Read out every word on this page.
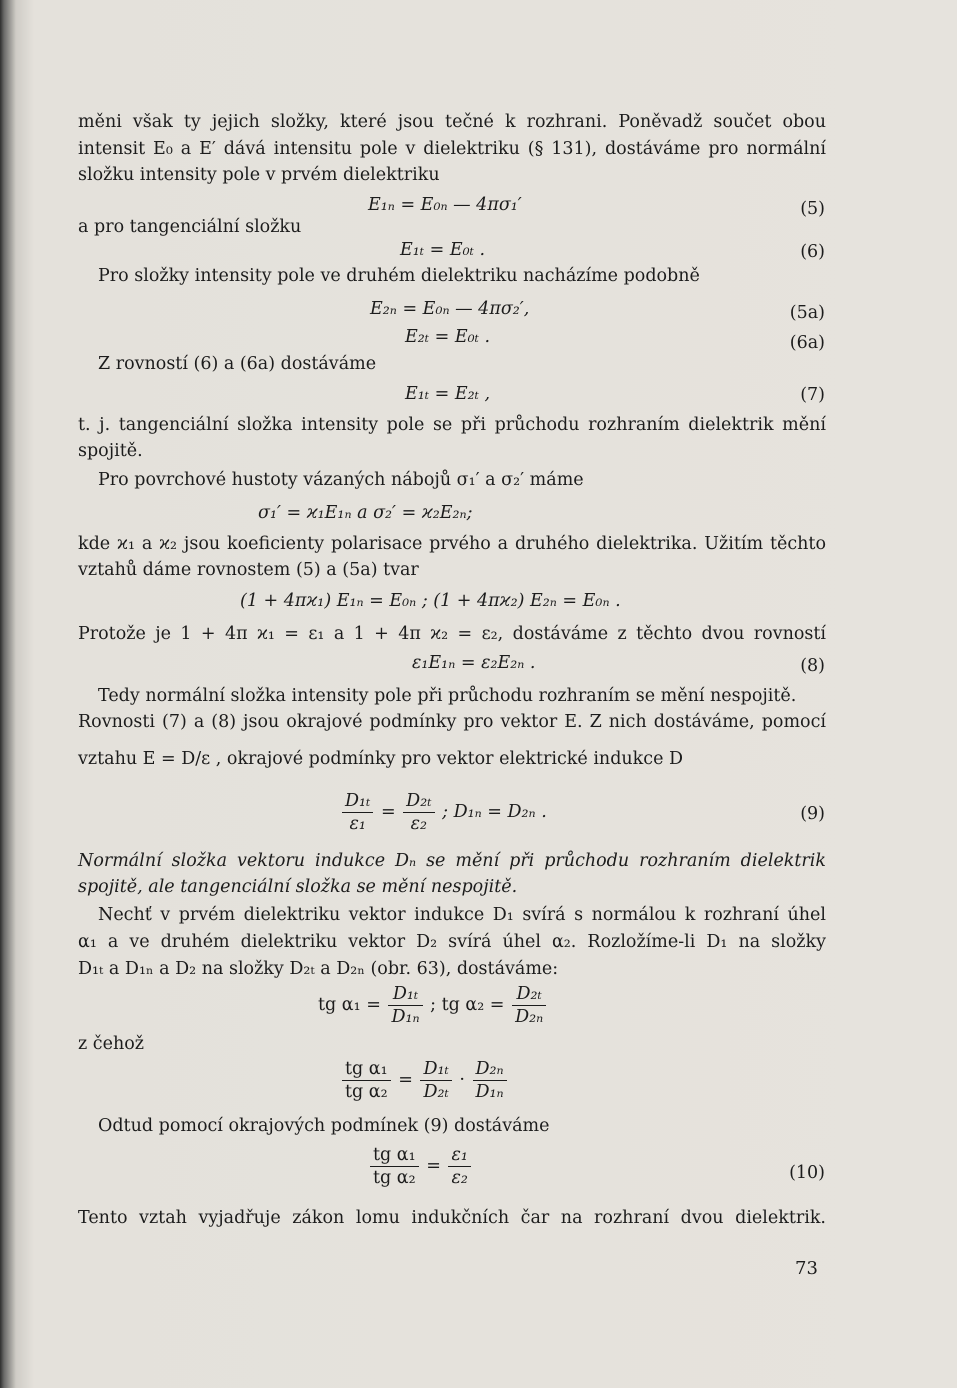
měni však ty jejich složky, které jsou tečné k rozhrani. Poněvadž součet obou
intensit E₀ a E′ dává intensitu pole v dielektriku (§ 131), dostáváme pro normální
složku intensity pole v prvém dielektriku
E₁ₙ = E₀ₙ — 4πσ₁′	(5)
a pro tangenciální složku
E₁ₜ = E₀ₜ .	(6)
Pro složky intensity pole ve druhém dielektriku nacházíme podobně
E₂ₙ = E₀ₙ — 4πσ₂′,	(5a)
E₂ₜ = E₀ₜ .	(6a)
Z rovností (6) a (6a) dostáváme
E₁ₜ = E₂ₜ ,	(7)
t. j. tangenciální složka intensity pole se při průchodu rozhraním dielektrik mění
spojitě.
Pro povrchové hustoty vázaných nábojů σ₁′ a σ₂′ máme
σ₁′ = ϰ₁E₁ₙ a σ₂′ = ϰ₂E₂ₙ;
kde ϰ₁ a ϰ₂ jsou koeficienty polarisace prvého a druhého dielektrika. Užitím těchto
vztahů dáme rovnostem (5) a (5a) tvar
(1 + 4πϰ₁) E₁ₙ = E₀ₙ ; (1 + 4πϰ₂) E₂ₙ = E₀ₙ .
Protože je 1 + 4π ϰ₁ = ε₁ a 1 + 4π ϰ₂ = ε₂, dostáváme z těchto dvou rovností
ε₁E₁ₙ = ε₂E₂ₙ .	(8)
Tedy normální složka intensity pole při průchodu rozhraním se mění nespojitě.
Rovnosti (7) a (8) jsou okrajové podmínky pro vektor E. Z nich dostáváme, pomocí
vztahu E = D/ε , okrajové podmínky pro vektor elektrické indukce D
$\frac{\text{D₁ₜ}}{\text{ε₁}} = \frac{\text{D₂ₜ}}{\text{ε₂}}$ ; D₁ₙ = D₂ₙ .	(9)
Normální složka vektoru indukce Dₙ se mění při průchodu rozhraním dielektrik
spojitě, ale tangenciální složka se mění nespojitě.
Nechť v prvém dielektriku vektor indukce D₁ svírá s normálou k rozhraní úhel
α₁ a ve druhém dielektriku vektor D₂ svírá úhel α₂. Rozložíme-li D₁ na složky
D₁ₜ a D₁ₙ a D₂ na složky D₂ₜ a D₂ₙ (obr. 63), dostáváme:
tg $\alpha_1 = \frac{\text{D₁ₜ}}{\text{D₁ₙ}}$ ; tg $\alpha_2 = \frac{\text{D₂ₜ}}{\text{D₂ₙ}}$
z čehož
$\frac{\text{tg α₁}}{\text{tg α₂}} = \frac{\text{D₁ₜ}}{\text{D₂ₜ}} \cdot \frac{\text{D₂ₙ}}{\text{D₁ₙ}}$
Odtud pomocí okrajových podmínek (9) dostáváme
$\frac{\text{tg α₁}}{\text{tg α₂}} = \frac{\text{ε₁}}{\text{ε₂}}$	(10)
Tento vztah vyjadřuje zákon lomu indukčních čar na rozhraní dvou dielektrik.
73
